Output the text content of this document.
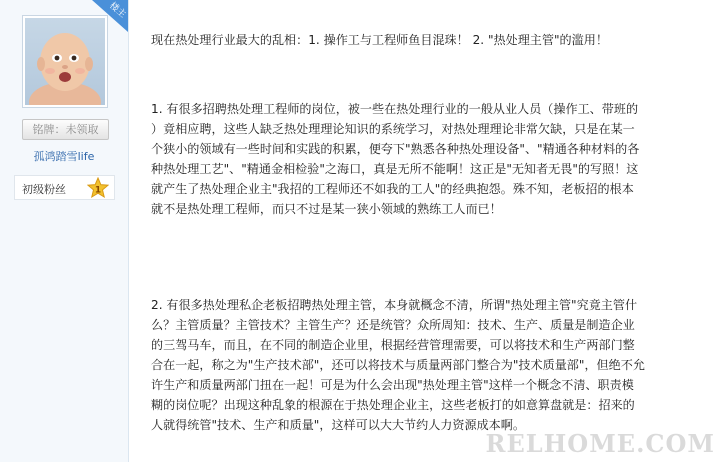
楼主
铭牌：未领取
孤鸿踏雪life
初级粉丝	1

现在热处理行业最大的乱相：1. 操作工与工程师鱼目混珠！ 2. "热处理主管"的滥用！

1. 有很多招聘热处理工程师的岗位，被一些在热处理行业的一般从业人员（操作工、带班的

）竟相应聘，这些人缺乏热处理理论知识的系统学习，对热处理理论非常欠缺，只是在某一

个狭小的领域有一些时间和实践的积累，便夸下"熟悉各种热处理设备"、"精通各种材料的各

种热处理工艺"、"精通金相检验"之海口，真是无所不能啊！这正是"无知者无畏"的写照！这

就产生了热处理企业主"我招的工程师还不如我的工人"的经典抱怨。殊不知，老板招的根本

就不是热处理工程师，而只不过是某一狭小领域的熟练工人而已！

2. 有很多热处理私企老板招聘热处理主管，本身就概念不清，所谓"热处理主管"究竟主管什

么？主管质量？主管技术？主管生产？还是统管？众所周知：技术、生产、质量是制造企业

的三驾马车，而且，在不同的制造企业里，根据经营管理需要，可以将技术和生产两部门整

合在一起，称之为"生产技术部"，还可以将技术与质量两部门整合为"技术质量部"，但绝不允

许生产和质量两部门扭在一起！可是为什么会出现"热处理主管"这样一个概念不清、职责模

糊的岗位呢？出现这种乱象的根源在于热处理企业主，这些老板打的如意算盘就是：招来的

人就得统管"技术、生产和质量"，这样可以大大节约人力资源成本啊。

RELHOME.COM
